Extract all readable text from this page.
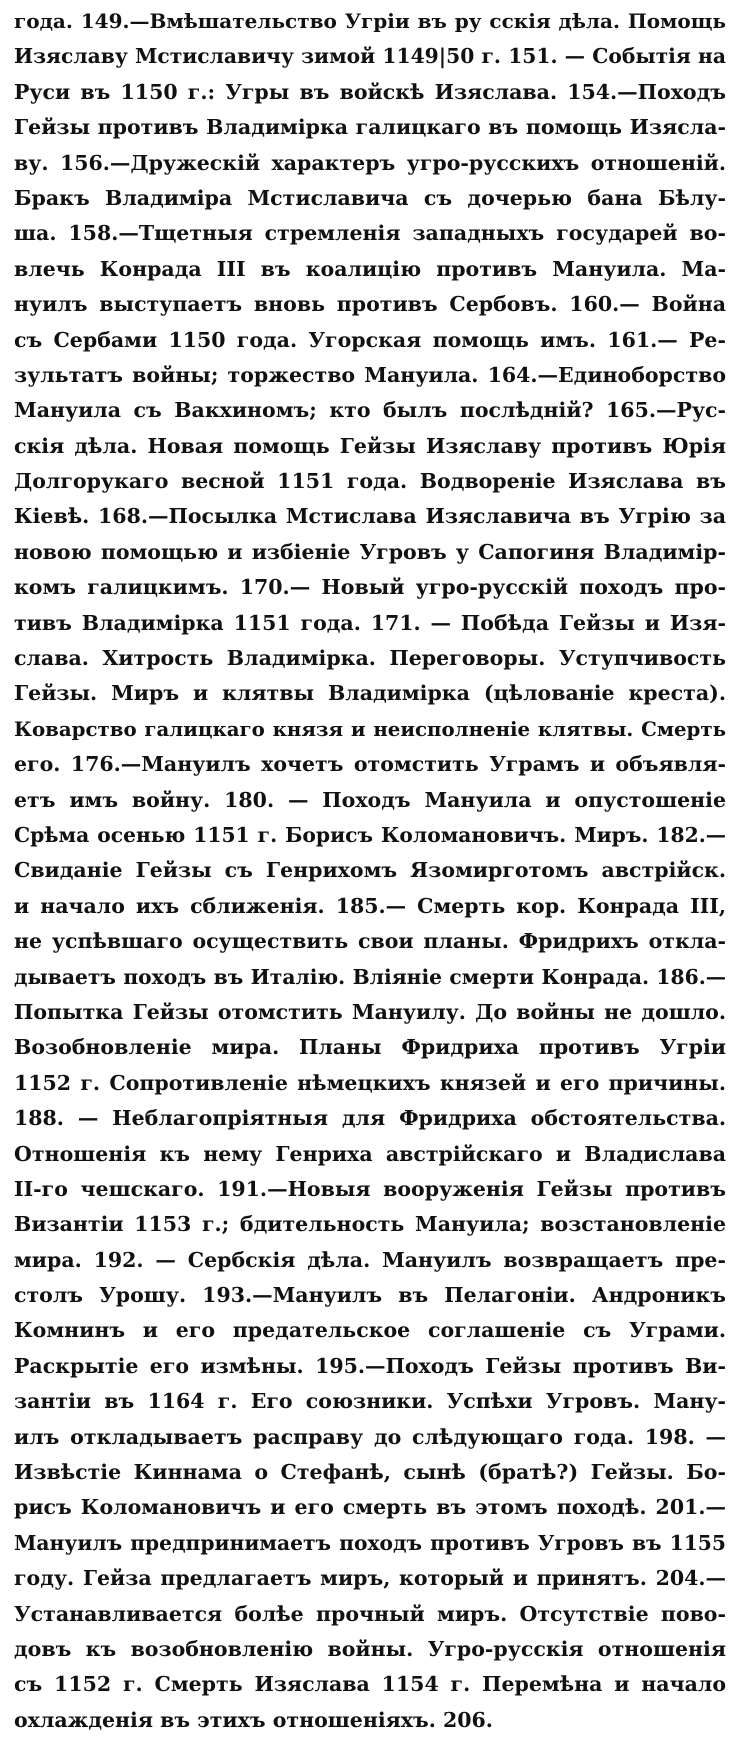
года. 149.—Вмѣшательство Угріи въ ру сскія дѣла. Помощь
Изяславу Мстиславичу зимой 1149|50 г. 151. — Событія на
Руси въ 1150 г.: Угры въ войскѣ Изяслава. 154.—Походъ
Гейзы противъ Владимірка галицкаго въ помощь Изясла-
ву. 156.—Дружескій характеръ угро-русскихъ отношеній.
Бракъ Владиміра Мстиславича съ дочерью бана Бѣлу-
ша. 158.—Тщетныя стремленія западныхъ государей во-
влечь Конрада III въ коалицію противъ Мануила. Ма-
нуилъ выступаетъ вновь противъ Сербовъ. 160.— Война
съ Сербами 1150 года. Угорская помощь имъ. 161.— Ре-
зультатъ войны; торжество Мануила. 164.—Единоборство
Мануила съ Вакхиномъ; кто былъ послѣдній? 165.—Рус-
скія дѣла. Новая помощь Гейзы Изяславу противъ Юрія
Долгорукаго весной 1151 года. Водвореніе Изяслава въ
Кіевѣ. 168.—Посылка Мстислава Изяславича въ Угрію за
новою помощью и избіеніе Угровъ у Сапогиня Владимір-
комъ галицкимъ. 170.— Новый угро-русскій походъ про-
тивъ Владимірка 1151 года. 171. — Побѣда Гейзы и Изя-
слава. Хитрость Владимірка. Переговоры. Уступчивость
Гейзы. Миръ и клятвы Владимірка (цѣлованіе креста).
Коварство галицкаго князя и неисполненіе клятвы. Смерть
его. 176.—Мануилъ хочетъ отомстить Уграмъ и объявля-
етъ имъ войну. 180. — Походъ Мануила и опустошеніе
Срѣма осенью 1151 г. Борисъ Коломановичъ. Миръ. 182.—
Свиданіе Гейзы съ Генрихомъ Язомирготомъ австрійск.
и начало ихъ сближенія. 185.— Смерть кор. Конрада III,
не успѣвшаго осуществить свои планы. Фридрихъ откла-
дываетъ походъ въ Италію. Вліяніе смерти Конрада. 186.—
Попытка Гейзы отомстить Мануилу. До войны не дошло.
Возобновленіе мира. Планы Фридриха противъ Угріи
1152 г. Сопротивленіе нѣмецкихъ князей и его причины.
188. — Неблагопріятныя для Фридриха обстоятельства.
Отношенія къ нему Генриха австрійскаго и Владислава
II-го чешскаго. 191.—Новыя вооруженія Гейзы противъ
Византіи 1153 г.; бдительность Мануила; возстановленіе
мира. 192. — Сербскія дѣла. Мануилъ возвращаетъ пре-
столъ Урошу. 193.—Мануилъ въ Пелагоніи. Андроникъ
Комнинъ и его предательское соглашеніе съ Уграми.
Раскрытіе его измѣны. 195.—Походъ Гейзы противъ Ви-
зантіи въ 1164 г. Его союзники. Успѣхи Угровъ. Ману-
илъ откладываетъ расправу до слѣдующаго года. 198. —
Извѣстіе Киннама о Стефанѣ, сынѣ (братѣ?) Гейзы. Бо-
рисъ Коломановичъ и его смерть въ этомъ походѣ. 201.—
Мануилъ предпринимаетъ походъ противъ Угровъ въ 1155
году. Гейза предлагаетъ миръ, который и принятъ. 204.—
Устанавливается болѣе прочный миръ. Отсутствіе пово-
довъ къ возобновленію войны. Угро-русскія отношенія
съ 1152 г. Смерть Изяслава 1154 г. Перемѣна и начало
охлажденія въ этихъ отношеніяхъ. 206.
